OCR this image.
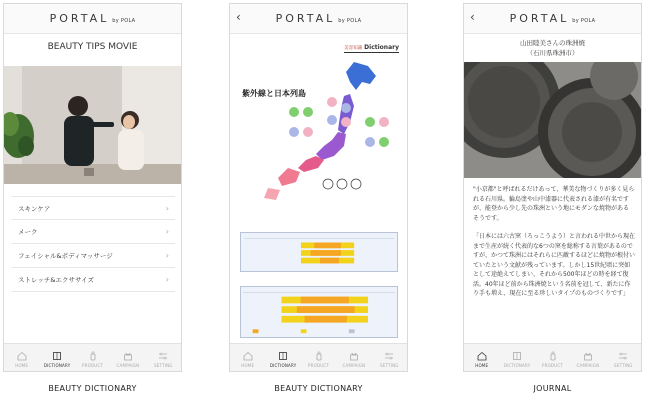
PORTAL by POLA
BEAUTY TIPS MOVIE
スキンケア	›
メーク	›
フェイシャル&ボディマッサージ	›
ストレッチ&エクササイズ	›
HOME	DICTIONARY	PRODUCT	CAMPAIGN	SETTING
BEAUTY DICTIONARY
‹	PORTAL by POLA
美容知識 Dictionary
紫外線と日本列島
HOME	DICTIONARY	PRODUCT	CAMPAIGN	SETTING
BEAUTY DICTIONARY
‹	PORTAL by POLA
山田睦美さんの珠洲焼
（石川県珠洲市）

"小京都"と呼ばれるだけあって、華美な物づくりが多く見られる石川県。輪島塗や山中漆器に代表される漆が有名ですが、能登から少し先の珠洲という地にモダンな焼物があるそうです。

「日本には六古窯（ろっこうよう）と言われる中世から現在まで生産が続く代表的な6つの窯を総称する言葉があるのですが、かつて珠洲にはそれらに匹敵するほどに焼物が根付いていたという文献が残っています。しかし15世紀頃に突如として途絶えてしまい、それから500年ほどの時を経て復活。40年ほど前から珠洲焼という名前を冠して、新たに作り手も増え、現在に至る珍しいタイプのものづくりです」

HOME	DICTIONARY	PRODUCT	CAMPAIGN	SETTING
JOURNAL
